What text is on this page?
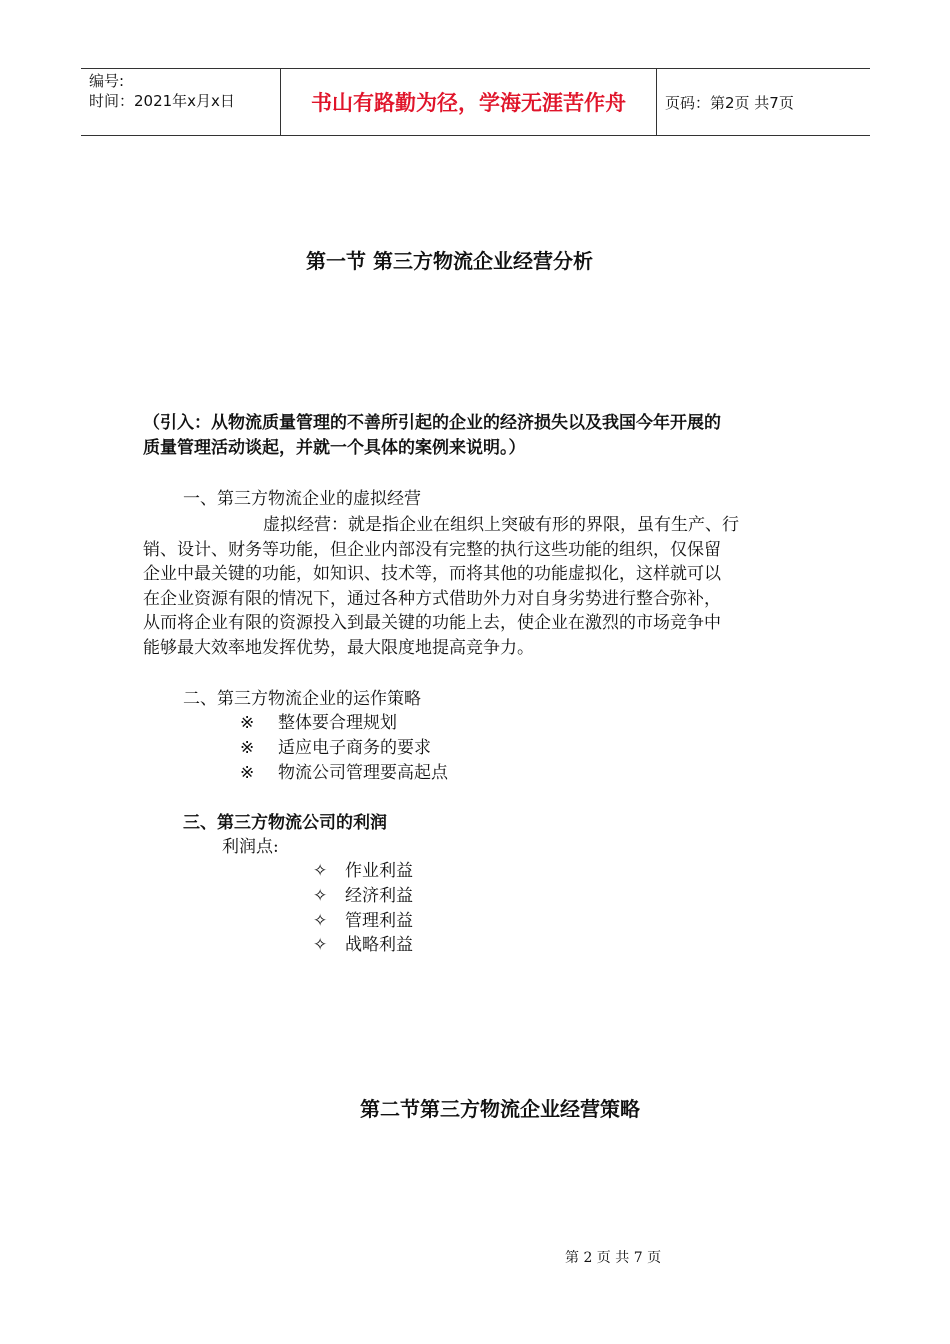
编号:
时间：2021年x月x日	书山有路勤为径，学海无涯苦作舟	页码：第2页 共7页
第一节 第三方物流企业经营分析
（引入：从物流质量管理的不善所引起的企业的经济损失以及我国今年开展的
质量管理活动谈起，并就一个具体的案例来说明。）
一、第三方物流企业的虚拟经营
虚拟经营：就是指企业在组织上突破有形的界限，虽有生产、行
销、设计、财务等功能，但企业内部没有完整的执行这些功能的组织，仅保留
企业中最关键的功能，如知识、技术等，而将其他的功能虚拟化，这样就可以
在企业资源有限的情况下，通过各种方式借助外力对自身劣势进行整合弥补，
从而将企业有限的资源投入到最关键的功能上去，使企业在激烈的市场竞争中
能够最大效率地发挥优势，最大限度地提高竞争力。
二、第三方物流企业的运作策略
※ 整体要合理规划
※ 适应电子商务的要求
※ 物流公司管理要高起点
三、第三方物流公司的利润
利润点:
✧ 作业利益
✧ 经济利益
✧ 管理利益
✧ 战略利益
第二节第三方物流企业经营策略
第 2 页 共 7 页
